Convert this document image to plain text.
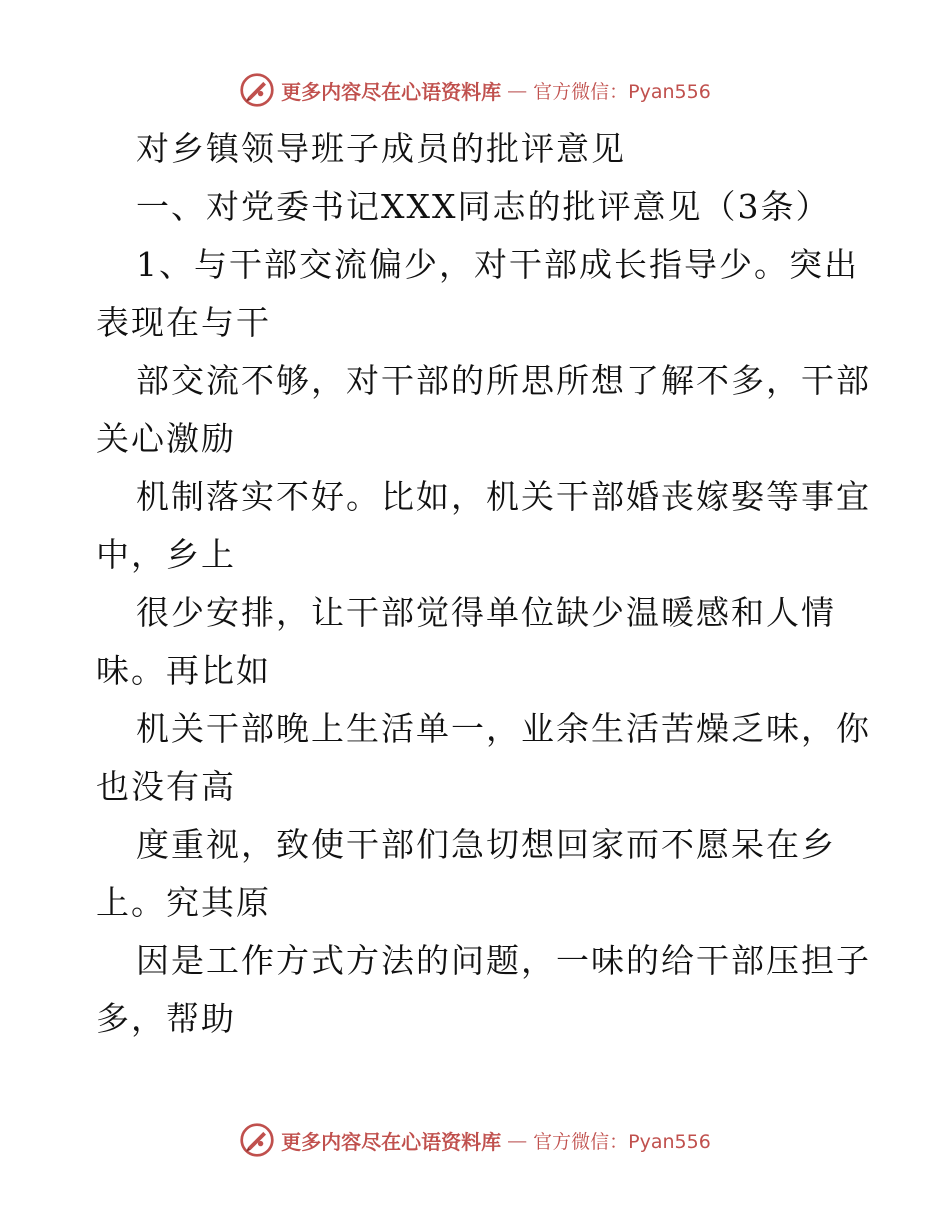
更多内容尽在心语资料库 — 官方微信：Pyan556
对乡镇领导班子成员的批评意见
一、对党委书记XXX同志的批评意见（3条）
1、与干部交流偏少，对干部成长指导少。突出
表现在与干
部交流不够，对干部的所思所想了解不多，干部
关心激励
机制落实不好。比如，机关干部婚丧嫁娶等事宜
中，乡上
很少安排，让干部觉得单位缺少温暖感和人情
味。再比如
机关干部晚上生活单一，业余生活苦燥乏味，你
也没有高
度重视，致使干部们急切想回家而不愿呆在乡
上。究其原
因是工作方式方法的问题，一味的给干部压担子
多，帮助
更多内容尽在心语资料库 — 官方微信：Pyan556
